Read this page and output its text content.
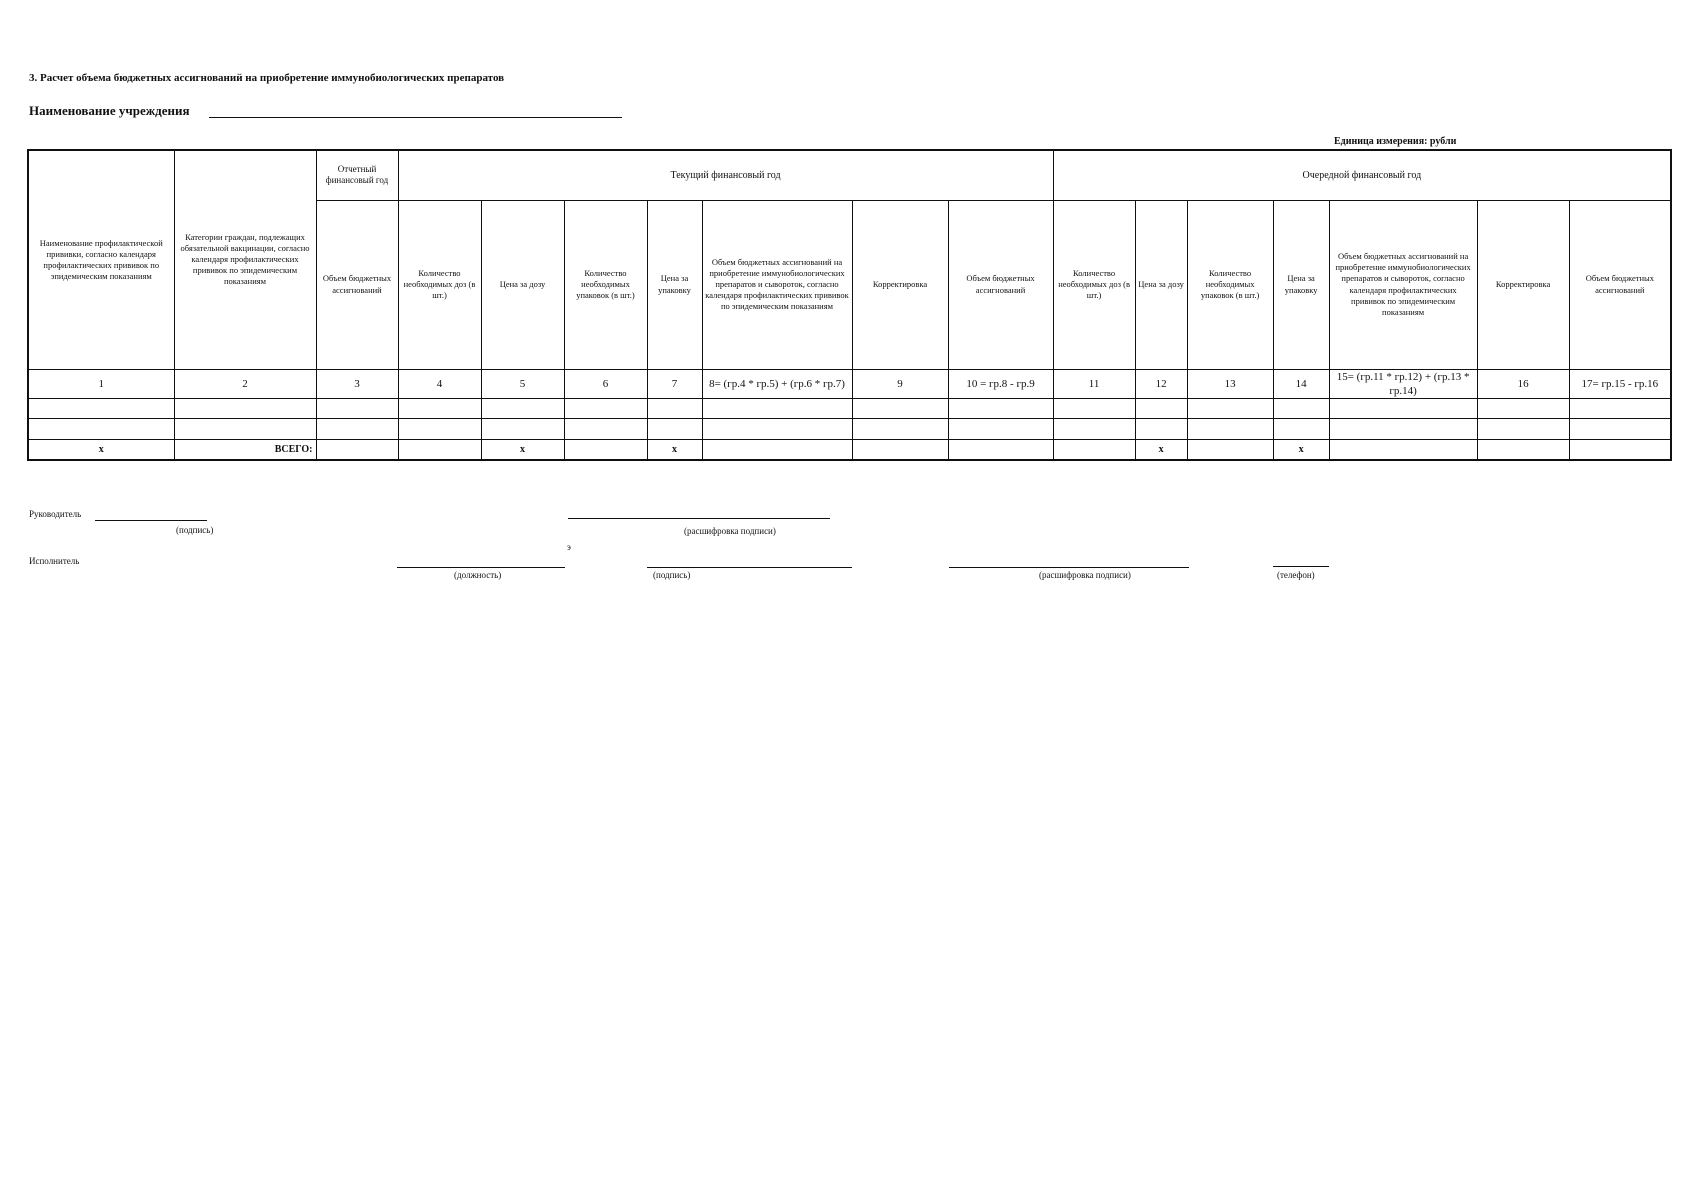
3. Расчет объема бюджетных ассигнований на приобретение иммунобиологических препаратов
Наименование учреждения
Единица измерения: рубли
Наименование профилактической прививки, согласно календаря профилактических прививок по эпидемическим показаниям	Категории граждан, подлежащих обязательной вакцинации, согласно календаря профилактических прививок по эпидемическим показаниям	Отчетный финансовый год	Текущий финансовый год							Очередной финансовый год						
		Объем бюджетных ассигнований	Количество необходимых доз (в шт.)	Цена за дозу	Количество необходимых упаковок (в шт.)	Цена за упаковку	Объем бюджетных ассигнований на приобретение иммунобиологических препаратов и сывороток, согласно календаря профилактических прививок по эпидемическим показаниям	Корректировка	Объем бюджетных ассигнований	Количество необходимых доз (в шт.)	Цена за дозу	Количество необходимых упаковок (в шт.)	Цена за упаковку	Объем бюджетных ассигнований на приобретение иммунобиологических препаратов и сывороток, согласно календаря профилактических прививок по эпидемическим показаниям	Корректировка	Объем бюджетных ассигнований
1	2	3	4	5	6	7	8= (гр.4 * гр.5) + (гр.6 * гр.7)	9	10 = гр.8 - гр.9	11	12	13	14	15= (гр.11 * гр.12) + (гр.13 * гр.14)	16	17= гр.15 - гр.16

x	ВСЕГО:			x		x					x		x			
Руководитель
(подпись)	(расшифровка подписи)
э
Исполнитель
(должность)	(подпись)	(расшифровка подписи)	(телефон)
